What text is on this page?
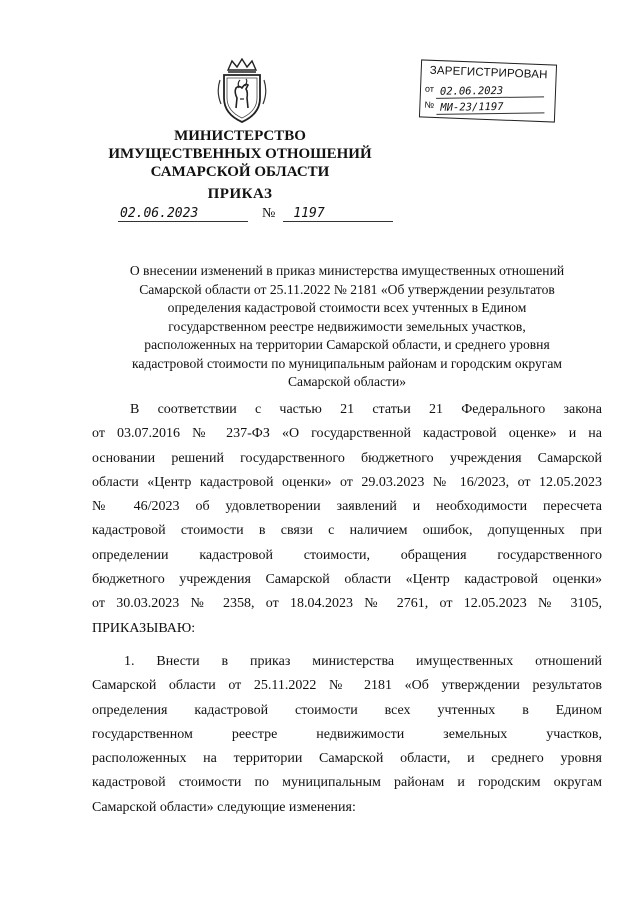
ЗАРЕГИСТРИРОВАН
от 02.06.2023
№ МИ-23/1197
МИНИСТЕРСТВО
ИМУЩЕСТВЕННЫХ ОТНОШЕНИЙ
САМАРСКОЙ ОБЛАСТИ
ПРИКАЗ
02.06.2023	№ 1197
О внесении изменений в приказ министерства имущественных отношений
Самарской области от 25.11.2022 № 2181 «Об утверждении результатов
определения кадастровой стоимости всех учтенных в Едином
государственном реестре недвижимости земельных участков,
расположенных на территории Самарской области, и среднего уровня
кадастровой стоимости по муниципальным районам и городским округам
Самарской области»
В соответствии с частью 21 статьи 21 Федерального закона
от 03.07.2016 № 237-ФЗ «О государственной кадастровой оценке» и на
основании решений государственного бюджетного учреждения Самарской
области «Центр кадастровой оценки» от 29.03.2023 № 16/2023, от 12.05.2023
№ 46/2023 об удовлетворении заявлений и необходимости пересчета
кадастровой стоимости в связи с наличием ошибок, допущенных при
определении кадастровой стоимости, обращения государственного
бюджетного учреждения Самарской области «Центр кадастровой оценки»
от 30.03.2023 № 2358, от 18.04.2023 № 2761, от 12.05.2023 № 3105,
ПРИКАЗЫВАЮ:
1. Внести в приказ министерства имущественных отношений
Самарской области от 25.11.2022 № 2181 «Об утверждении результатов
определения кадастровой стоимости всех учтенных в Едином
государственном реестре недвижимости земельных участков,
расположенных на территории Самарской области, и среднего уровня
кадастровой стоимости по муниципальным районам и городским округам
Самарской области» следующие изменения:
